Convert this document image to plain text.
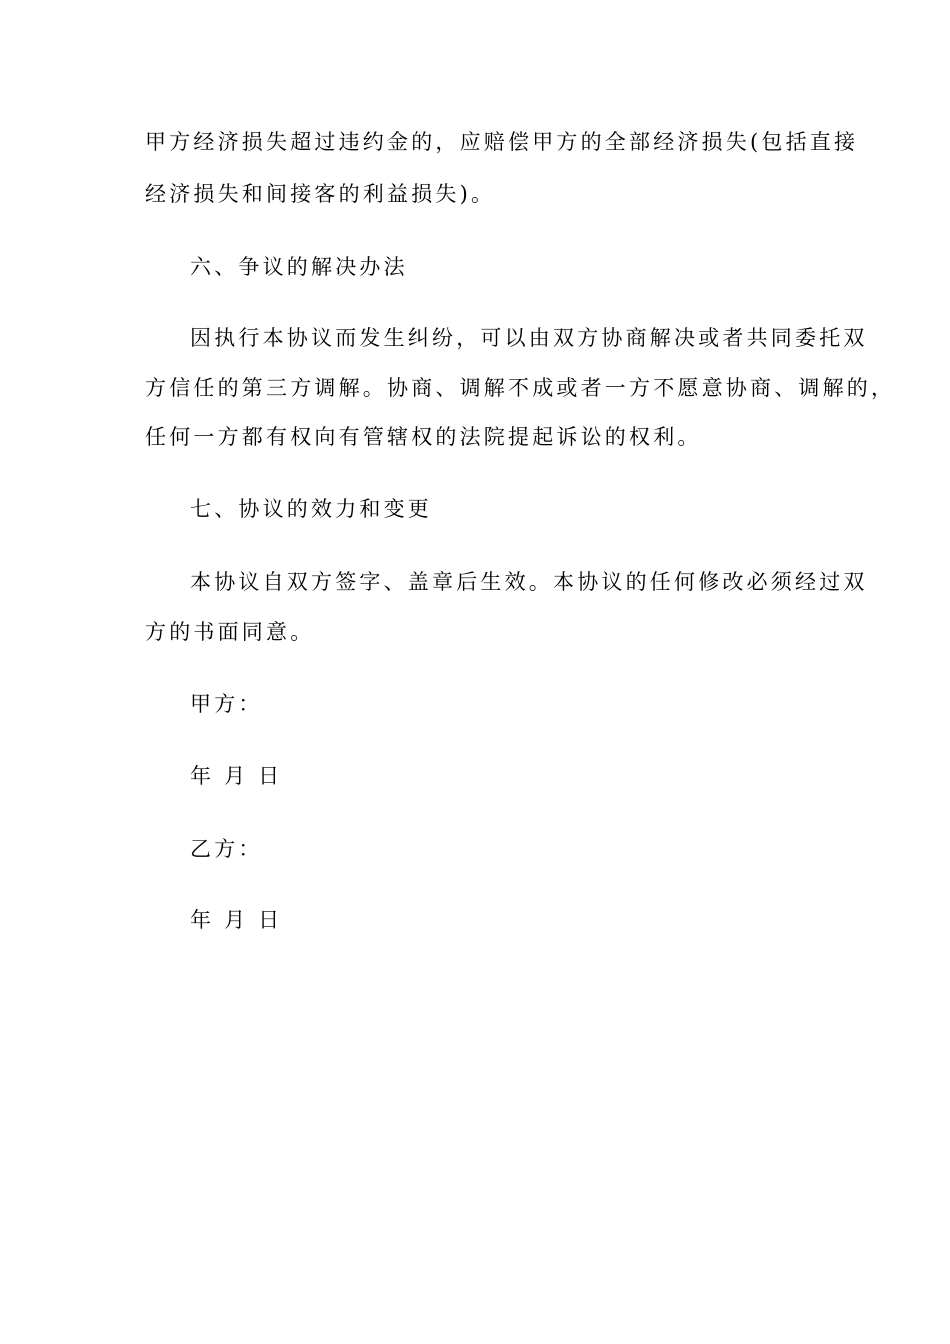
甲方经济损失超过违约金的，应赔偿甲方的全部经济损失(包括直接
经济损失和间接客的利益损失)。
六、争议的解决办法
因执行本协议而发生纠纷，可以由双方协商解决或者共同委托双
方信任的第三方调解。协商、调解不成或者一方不愿意协商、调解的，
任何一方都有权向有管辖权的法院提起诉讼的权利。
七、协议的效力和变更
本协议自双方签字、盖章后生效。本协议的任何修改必须经过双
方的书面同意。
甲方：
年 月 日
乙方：
年 月 日
